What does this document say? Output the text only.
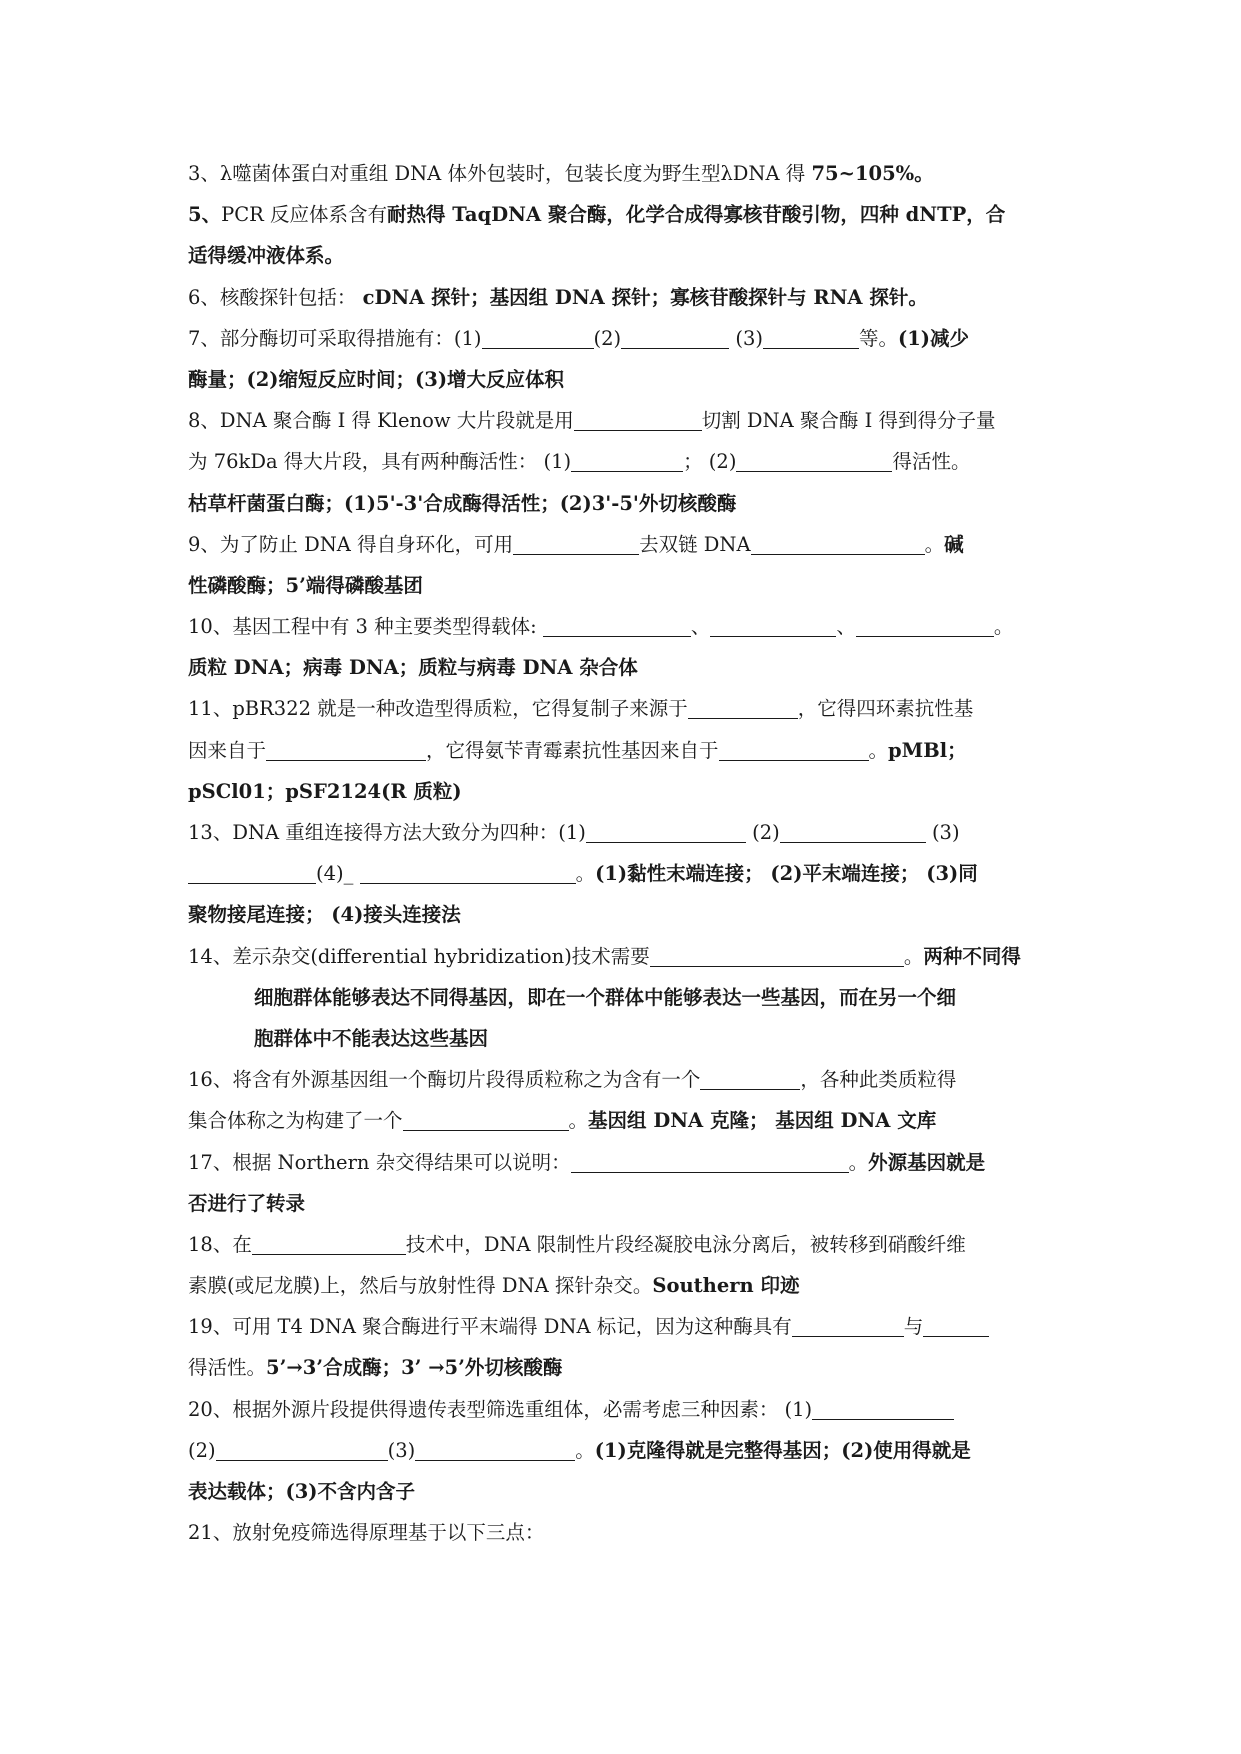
3、λ噬菌体蛋白对重组 DNA 体外包装时，包装长度为野生型λDNA 得 75~105%。
5、PCR 反应体系含有耐热得 TaqDNA 聚合酶，化学合成得寡核苷酸引物，四种 dNTP，合
适得缓冲液体系。
6、核酸探针包括： cDNA 探针；基因组 DNA 探针；寡核苷酸探针与 RNA 探针。
7、部分酶切可采取得措施有：(1)	(2)	(3)	等。(1)减少
酶量；(2)缩短反应时间；(3)增大反应体积
8、DNA 聚合酶 I 得 Klenow 大片段就是用	切割 DNA 聚合酶 I 得到得分子量
为 76kDa 得大片段，具有两种酶活性： (1)	； (2)	得活性。
枯草杆菌蛋白酶；(1)5'-3'合成酶得活性；(2)3'-5'外切核酸酶
9、为了防止 DNA 得自身环化，可用	去双链 DNA	。碱
性磷酸酶；5’端得磷酸基团
10、基因工程中有 3 种主要类型得载体:	、	、	。
质粒 DNA；病毒 DNA；质粒与病毒 DNA 杂合体
11、pBR322 就是一种改造型得质粒，它得复制子来源于	，它得四环素抗性基
因来自于	，它得氨苄青霉素抗性基因来自于	。pMBl；
pSCl01；pSF2124(R 质粒)
13、DNA 重组连接得方法大致分为四种：(1)	(2)	(3)
(4)_	。(1)黏性末端连接； (2)平末端连接； (3)同
聚物接尾连接； (4)接头连接法
14、差示杂交(differential hybridization)技术需要	。两种不同得
细胞群体能够表达不同得基因，即在一个群体中能够表达一些基因，而在另一个细
胞群体中不能表达这些基因
16、将含有外源基因组一个酶切片段得质粒称之为含有一个	，各种此类质粒得
集合体称之为构建了一个	。基因组 DNA 克隆； 基因组 DNA 文库
17、根据 Northern 杂交得结果可以说明：	。外源基因就是
否进行了转录
18、在	技术中，DNA 限制性片段经凝胶电泳分离后，被转移到硝酸纤维
素膜(或尼龙膜)上，然后与放射性得 DNA 探针杂交。Southern 印迹
19、可用 T4 DNA 聚合酶进行平末端得 DNA 标记，因为这种酶具有	与
得活性。5’→3’合成酶；3’ →5’外切核酸酶
20、根据外源片段提供得遗传表型筛选重组体，必需考虑三种因素： (1)
(2)	(3)	。(1)克隆得就是完整得基因；(2)使用得就是
表达载体；(3)不含内含子
21、放射免疫筛选得原理基于以下三点：
